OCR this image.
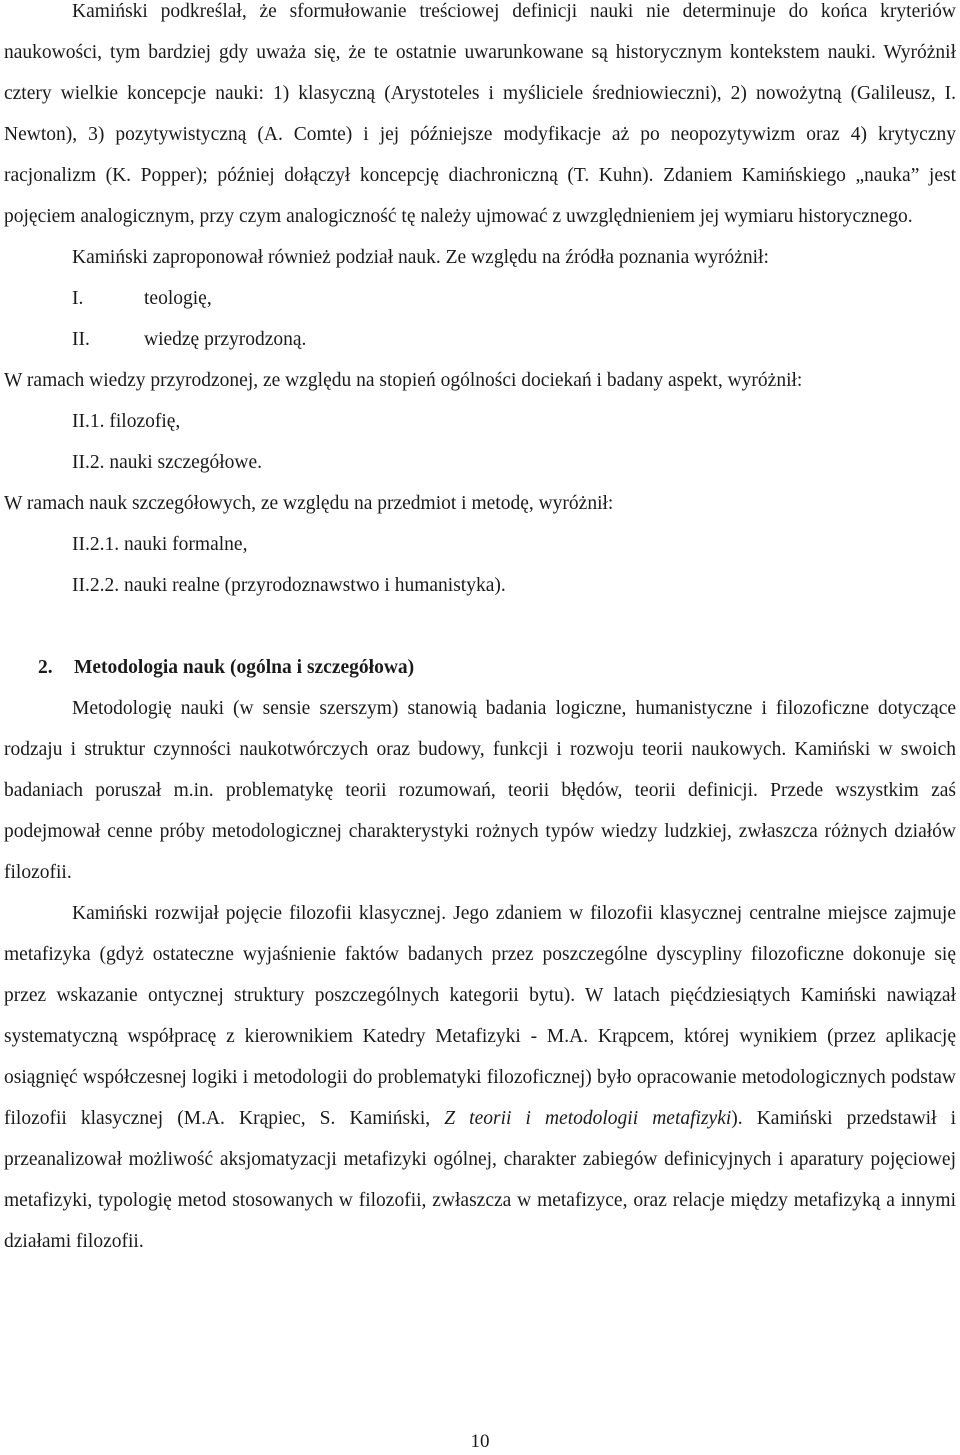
Kamiński podkreślał, że sformułowanie treściowej definicji nauki nie determinuje do końca kryteriów naukowości, tym bardziej gdy uważa się, że te ostatnie uwarunkowane są historycznym kontekstem nauki. Wyróżnił cztery wielkie koncepcje nauki: 1) klasyczną (Arystoteles i myśliciele średniowieczni), 2) nowożytną (Galileusz, I. Newton), 3) pozytywistyczną (A. Comte) i jej późniejsze modyfikacje aż po neopozytywizm oraz 4) krytyczny racjonalizm (K. Popper); później dołączył koncepcję diachroniczną (T. Kuhn). Zdaniem Kamińskiego „nauka” jest pojęciem analogicznym, przy czym analogiczność tę należy ujmować z uwzględnieniem jej wymiaru historycznego.

Kamiński zaproponował również podział nauk. Ze względu na źródła poznania wyróżnił:

I.	teologię,
II.	wiedzę przyrodzoną.

W ramach wiedzy przyrodzonej, ze względu na stopień ogólności dociekań i badany aspekt, wyróżnił:

II.1. filozofię,
II.2. nauki szczegółowe.

W ramach nauk szczegółowych, ze względu na przedmiot i metodę, wyróżnił:

II.2.1. nauki formalne,
II.2.2. nauki realne (przyrodoznawstwo i humanistyka).
2.	Metodologia nauk (ogólna i szczegółowa)

Metodologię nauki (w sensie szerszym) stanowią badania logiczne, humanistyczne i filozoficzne dotyczące rodzaju i struktur czynności naukotwórczych oraz budowy, funkcji i rozwoju teorii naukowych. Kamiński w swoich badaniach poruszał m.in. problematykę teorii rozumowań, teorii błędów, teorii definicji. Przede wszystkim zaś podejmował cenne próby metodologicznej charakterystyki rożnych typów wiedzy ludzkiej, zwłaszcza różnych działów filozofii.

Kamiński rozwijał pojęcie filozofii klasycznej. Jego zdaniem w filozofii klasycznej centralne miejsce zajmuje metafizyka (gdyż ostateczne wyjaśnienie faktów badanych przez poszczególne dyscypliny filozoficzne dokonuje się przez wskazanie ontycznej struktury poszczególnych kategorii bytu). W latach pięćdziesiątych Kamiński nawiązał systematyczną współpracę z kierownikiem Katedry Metafizyki - M.A. Krąpcem, której wynikiem (przez aplikację osiągnięć współczesnej logiki i metodologii do problematyki filozoficznej) było opracowanie metodologicznych podstaw filozofii klasycznej (M.A. Krąpiec, S. Kamiński, Z teorii i metodologii metafizyki). Kamiński przedstawił i przeanalizował możliwość aksjomatyzacji metafizyki ogólnej, charakter zabiegów definicyjnych i aparatury pojęciowej metafizyki, typologię metod stosowanych w filozofii, zwłaszcza w metafizyce, oraz relacje między metafizyką a innymi działami filozofii.

10
